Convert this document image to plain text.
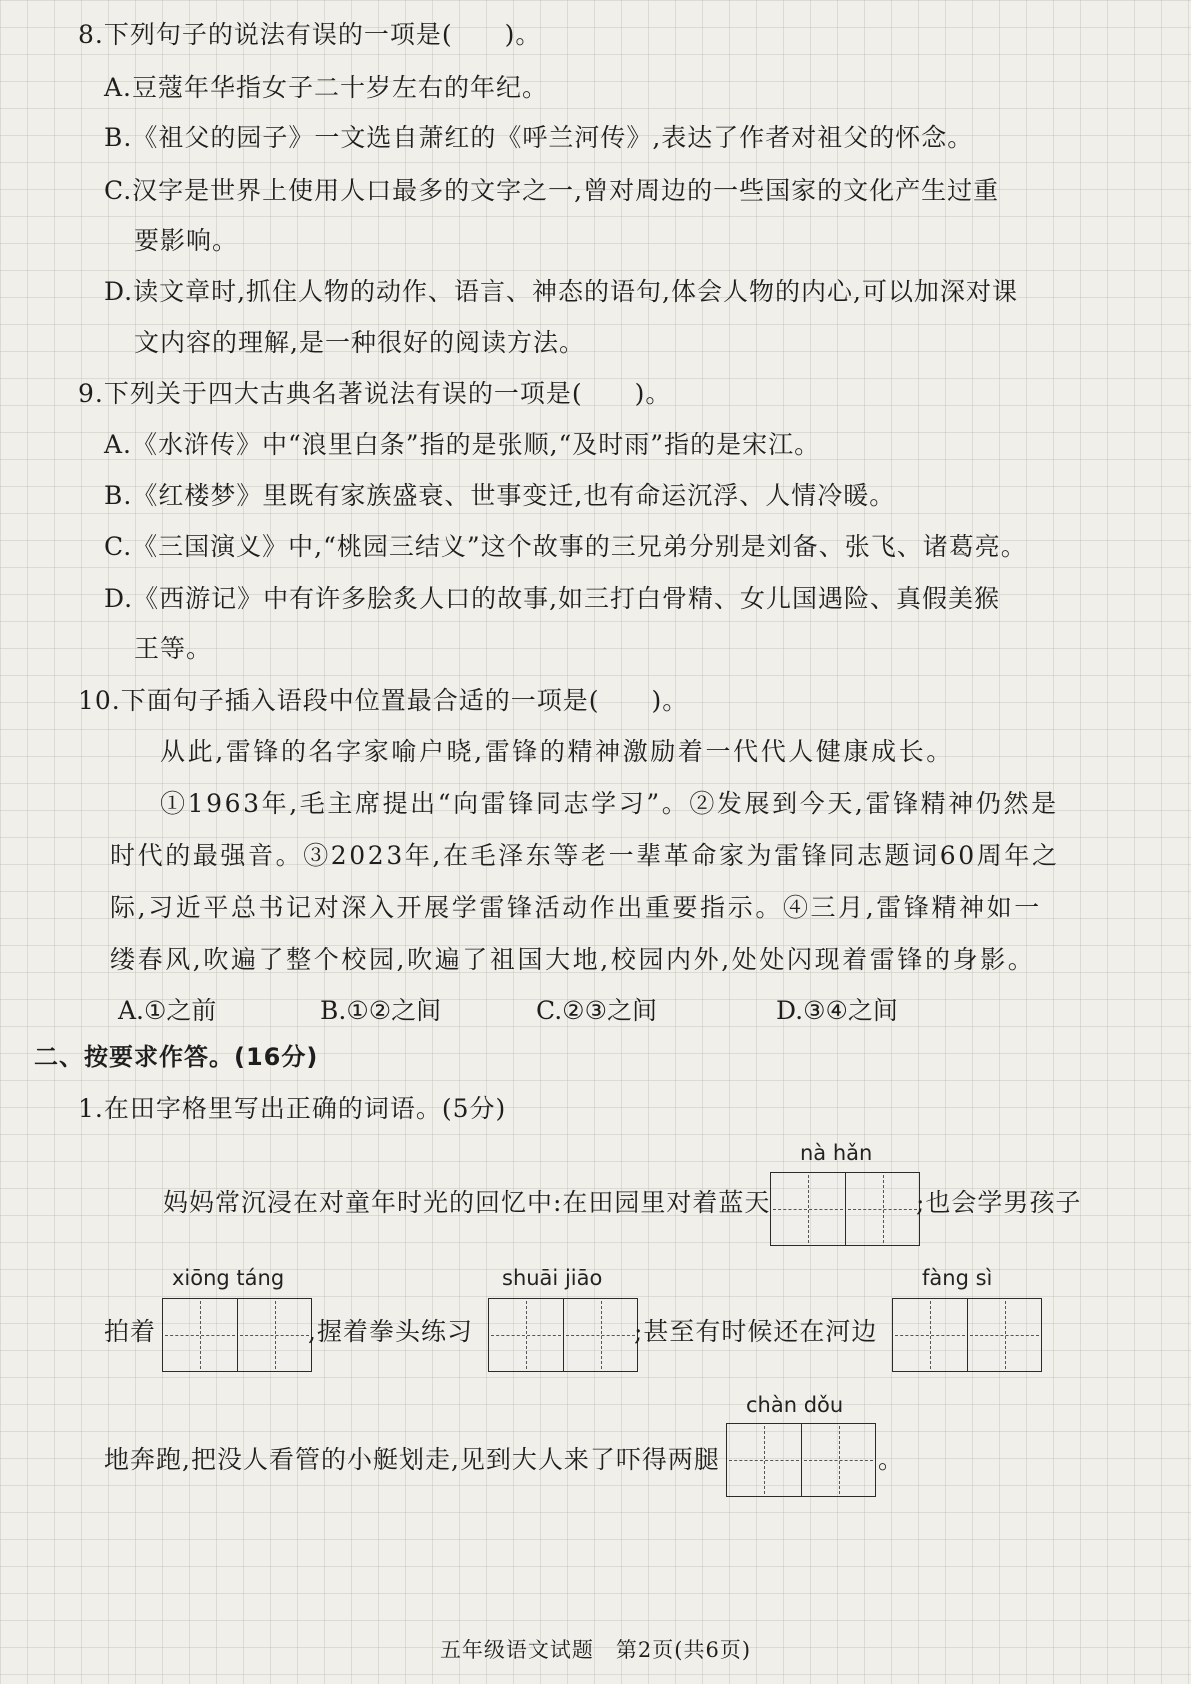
8.下列句子的说法有误的一项是(　　)。
A.豆蔻年华指女子二十岁左右的年纪。
B.《祖父的园子》一文选自萧红的《呼兰河传》,表达了作者对祖父的怀念。
C.汉字是世界上使用人口最多的文字之一,曾对周边的一些国家的文化产生过重
要影响。
D.读文章时,抓住人物的动作、语言、神态的语句,体会人物的内心,可以加深对课
文内容的理解,是一种很好的阅读方法。
9.下列关于四大古典名著说法有误的一项是(　　)。
A.《水浒传》中“浪里白条”指的是张顺,“及时雨”指的是宋江。
B.《红楼梦》里既有家族盛衰、世事变迁,也有命运沉浮、人情冷暖。
C.《三国演义》中,“桃园三结义”这个故事的三兄弟分别是刘备、张飞、诸葛亮。
D.《西游记》中有许多脍炙人口的故事,如三打白骨精、女儿国遇险、真假美猴
王等。
10.下面句子插入语段中位置最合适的一项是(　　)。
从此,雷锋的名字家喻户晓,雷锋的精神激励着一代代人健康成长。
①1963年,毛主席提出“向雷锋同志学习”。②发展到今天,雷锋精神仍然是
时代的最强音。③2023年,在毛泽东等老一辈革命家为雷锋同志题词60周年之
际,习近平总书记对深入开展学雷锋活动作出重要指示。④三月,雷锋精神如一
缕春风,吹遍了整个校园,吹遍了祖国大地,校园内外,处处闪现着雷锋的身影。
A.①之前	B.①②之间	C.②③之间	D.③④之间
二、按要求作答。(16分)
1.在田字格里写出正确的词语。(5分)
nà hǎn
妈妈常沉浸在对童年时光的回忆中:在田园里对着蓝天	;也会学男孩子
xiōng táng	shuāi jiāo	fàng sì
拍着	,握着拳头练习	;甚至有时候还在河边
chàn dǒu
地奔跑,把没人看管的小艇划走,见到大人来了吓得两腿	。
五年级语文试题　第2页(共6页)
